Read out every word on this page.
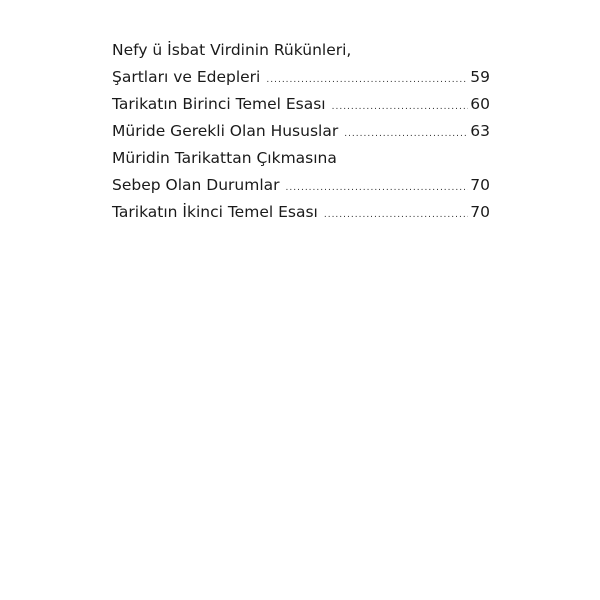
Nefy ü İsbat Virdinin Rükünleri,
Şartları ve Edepleri .....	59
Tarikatın Birinci Temel Esası .....	60
Müride Gerekli Olan Hususlar .....	63
Müridin Tarikattan Çıkmasına
Sebep Olan Durumlar .....	70
Tarikatın İkinci Temel Esası .....	70
